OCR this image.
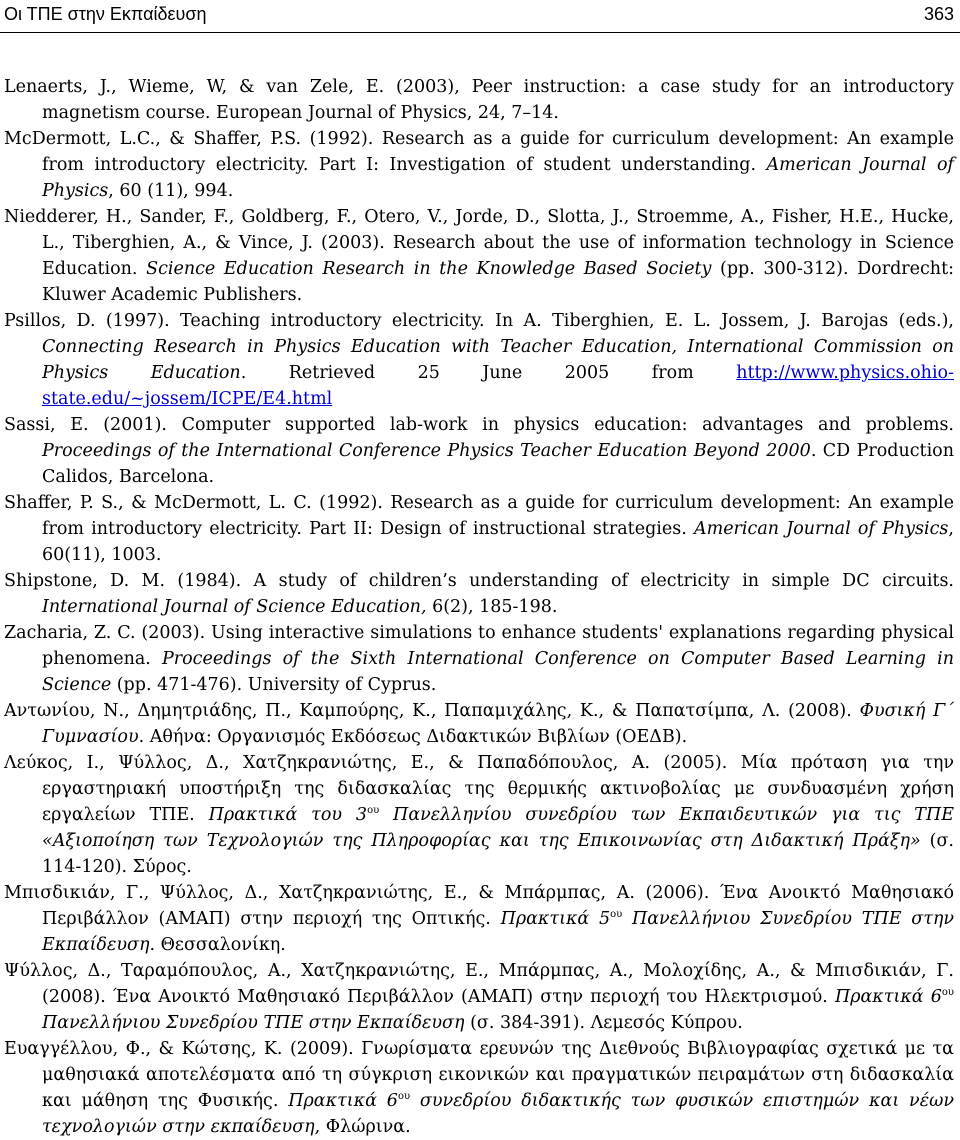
Οι ΤΠΕ στην Εκπαίδευση	363

Lenaerts, J., Wieme, W, & van Zele, E. (2003), Peer instruction: a case study for an introductory magnetism course. European Journal of Physics, 24, 7–14.

McDermott, L.C., & Shaffer, P.S. (1992). Research as a guide for curriculum development: An example from introductory electricity. Part I: Investigation of student understanding. American Journal of Physics, 60 (11), 994.

Niedderer, H., Sander, F., Goldberg, F., Otero, V., Jorde, D., Slotta, J., Stroemme, A., Fisher, H.E., Hucke, L., Tiberghien, A., & Vince, J. (2003). Research about the use of information technology in Science Education. Science Education Research in the Knowledge Based Society (pp. 300-312). Dordrecht: Kluwer Academic Publishers.

Psillos, D. (1997). Teaching introductory electricity. In A. Tiberghien, E. L. Jossem, J. Barojas (eds.), Connecting Research in Physics Education with Teacher Education, International Commission on Physics Education. Retrieved 25 June 2005 from http://www.physics.ohio-state.edu/~jossem/ICPE/E4.html

Sassi, E. (2001). Computer supported lab-work in physics education: advantages and problems. Proceedings of the International Conference Physics Teacher Education Beyond 2000. CD Production Calidos, Barcelona.

Shaffer, P. S., & McDermott, L. C. (1992). Research as a guide for curriculum development: An example from introductory electricity. Part II: Design of instructional strategies. American Journal of Physics, 60(11), 1003.

Shipstone, D. M. (1984). A study of children’s understanding of electricity in simple DC circuits. International Journal of Science Education, 6(2), 185-198.

Zacharia, Z. C. (2003). Using interactive simulations to enhance students' explanations regarding physical phenomena. Proceedings of the Sixth International Conference on Computer Based Learning in Science (pp. 471-476). University of Cyprus.

Αντωνίου, Ν., Δημητριάδης, Π., Καμπούρης, Κ., Παπαμιχάλης, Κ., & Παπατσίμπα, Λ. (2008). Φυσική Γ΄ Γυμνασίου. Αθήνα: Οργανισμός Εκδόσεως Διδακτικών Βιβλίων (ΟΕΔΒ).

Λεύκος, Ι., Ψύλλος, Δ., Χατζηκρανιώτης, Ε., & Παπαδόπουλος, Α. (2005). Μία πρόταση για την εργαστηριακή υποστήριξη της διδασκαλίας της θερμικής ακτινοβολίας με συνδυασμένη χρήση εργαλείων ΤΠΕ. Πρακτικά του $3^{o\upsilon}$ Πανελληνίου συνεδρίου των Εκπαιδευτικών για τις ΤΠΕ «Αξιοποίηση των Τεχνολογιών της Πληροφορίας και της Επικοινωνίας στη Διδακτική Πράξη» (σ. 114-120). Σύρος.

Μπισδικιάν, Γ., Ψύλλος, Δ., Χατζηκρανιώτης, Ε., & Μπάρμπας, Α. (2006). Ένα Ανοικτό Μαθησιακό Περιβάλλον (ΑΜΑΠ) στην περιοχή της Οπτικής. Πρακτικά $5^{o\upsilon}$ Πανελλήνιου Συνεδρίου ΤΠΕ στην Εκπαίδευση. Θεσσαλονίκη.

Ψύλλος, Δ., Ταραμόπουλος, Α., Χατζηκρανιώτης, Ε., Μπάρμπας, Α., Μολοχίδης, Α., & Μπισδικιάν, Γ. (2008). Ένα Ανοικτό Μαθησιακό Περιβάλλον (ΑΜΑΠ) στην περιοχή του Ηλεκτρισμού. Πρακτικά $6^{o\upsilon}$ Πανελλήνιου Συνεδρίου ΤΠΕ στην Εκπαίδευση (σ. 384-391). Λεμεσός Κύπρου.

Ευαγγέλλου, Φ., & Κώτσης, Κ. (2009). Γνωρίσματα ερευνών της Διεθνούς Βιβλιογραφίας σχετικά με τα μαθησιακά αποτελέσματα από τη σύγκριση εικονικών και πραγματικών πειραμάτων στη διδασκαλία και μάθηση της Φυσικής. Πρακτικά $6^{o\upsilon}$ συνεδρίου διδακτικής των φυσικών επιστημών και νέων τεχνολογιών στην εκπαίδευση, Φλώρινα.
